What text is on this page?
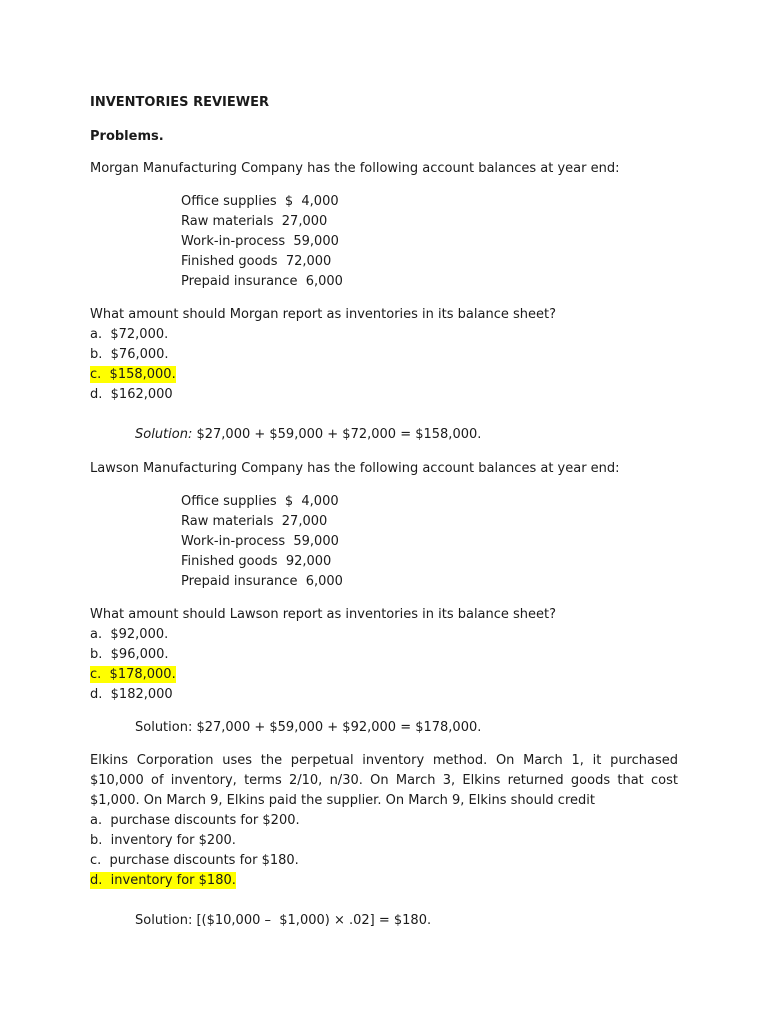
INVENTORIES REVIEWER
Problems.
Morgan Manufacturing Company has the following account balances at year end:
Office supplies  $  4,000
Raw materials  27,000
Work-in-process  59,000
Finished goods  72,000
Prepaid insurance  6,000
What amount should Morgan report as inventories in its balance sheet?
a.  $72,000.
b.  $76,000.
c.  $158,000.
d.  $162,000
Solution: $27,000 + $59,000 + $72,000 = $158,000.
Lawson Manufacturing Company has the following account balances at year end:
Office supplies  $  4,000
Raw materials  27,000
Work-in-process  59,000
Finished goods  92,000
Prepaid insurance  6,000
What amount should Lawson report as inventories in its balance sheet?
a.  $92,000.
b.  $96,000.
c.  $178,000.
d.  $182,000
Solution: $27,000 + $59,000 + $92,000 = $178,000.
Elkins Corporation uses the perpetual inventory method. On March 1, it purchased
$10,000 of inventory, terms 2/10, n/30. On March 3, Elkins returned goods that cost
$1,000. On March 9, Elkins paid the supplier. On March 9, Elkins should credit
a.  purchase discounts for $200.
b.  inventory for $200.
c.  purchase discounts for $180.
d.  inventory for $180.
Solution: [($10,000 –  $1,000) × .02] = $180.
